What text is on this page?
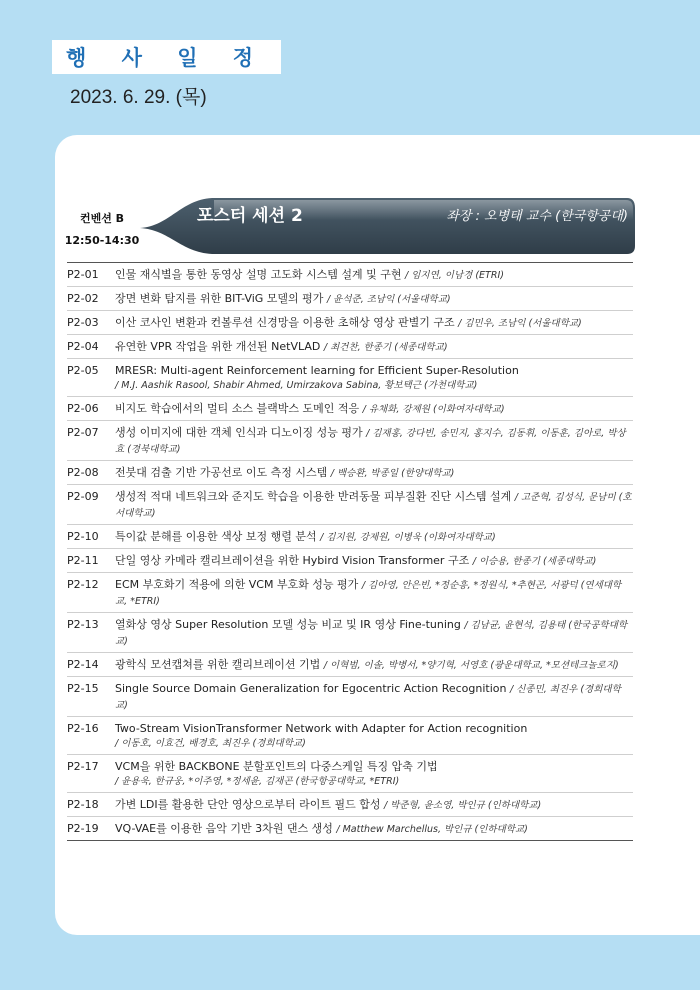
행 사 일 정
2023. 6. 29. (목)
컨벤션 B
12:50-14:30
포스터 세션 2	좌장 : 오병태 교수 (한국항공대)
P2-01	인물 재식별을 통한 동영상 설명 고도화 시스템 설계 및 구현 / 임지연, 이남경 (ETRI)
P2-02	장면 변화 탐지를 위한 BIT-ViG 모델의 평가 / 윤석준, 조남익 (서울대학교)
P2-03	이산 코사인 변환과 컨볼루션 신경망을 이용한 초해상 영상 판별기 구조 / 김민우, 조남익 (서울대학교)
P2-04	유연한 VPR 작업을 위한 개선된 NetVLAD / 최건찬, 한종기 (세종대학교)
P2-05	MRESR: Multi-agent Reinforcement learning for Efficient Super-Resolution
/ M.J. Aashik Rasool, Shabir Ahmed, Umirzakova Sabina, 황보택근 (가천대학교)
P2-06	비지도 학습에서의 멀티 소스 블랙박스 도메인 적응 / 유채화, 강제원 (이화여자대학교)
P2-07	생성 이미지에 대한 객체 인식과 디노이징 성능 평가 / 김재홍, 강다빈, 송민지, 홍지수, 김동휘, 이동훈, 김아로, 박상효 (경북대학교)
P2-08	전붓대 검출 기반 가공선로 이도 측정 시스템 / 백승환, 박종일 (한양대학교)
P2-09	생성적 적대 네트워크와 준지도 학습을 이용한 반려동물 피부질환 진단 시스템 설계 / 고준혁, 김성식, 문남미 (호서대학교)
P2-10	특이값 분해를 이용한 색상 보정 행렬 분석 / 김지원, 강제원, 이병욱 (이화여자대학교)
P2-11	단일 영상 카메라 캘리브레이션을 위한 Hybird Vision Transformer 구조 / 이승용, 한종기 (세종대학교)
P2-12	ECM 부호화기 적용에 의한 VCM 부호화 성능 평가 / 김아영, 안은빈, *정순흥, *정원식, *추현곤, 서광덕 (연세대학교, *ETRI)
P2-13	열화상 영상 Super Resolution 모델 성능 비교 및 IR 영상 Fine-tuning / 김남균, 윤현석, 김용태 (한국공학대학교)
P2-14	광학식 모션캡쳐를 위한 캘리브레이션 기법 / 이혁범, 이솔, 박병서, *양기혁, 서영호 (광운대학교, *모션테크놀로지)
P2-15	Single Source Domain Generalization for Egocentric Action Recognition / 신종민, 최진우 (경희대학교)
P2-16	Two-Stream VisionTransformer Network with Adapter for Action recognition
/ 이동호, 이효건, 배경호, 최진우 (경희대학교)
P2-17	VCM을 위한 BACKBONE 분할포인트의 다중스케일 특징 압축 기법
/ 윤용욱, 한규웅, *이주영, *정세윤, 김재곤 (한국항공대학교, *ETRI)
P2-18	가변 LDI를 활용한 단안 영상으로부터 라이트 필드 합성 / 박준형, 윤소영, 박인규 (인하대학교)
P2-19	VQ-VAE를 이용한 음악 기반 3차원 댄스 생성 / Matthew Marchellus, 박인규 (인하대학교)
